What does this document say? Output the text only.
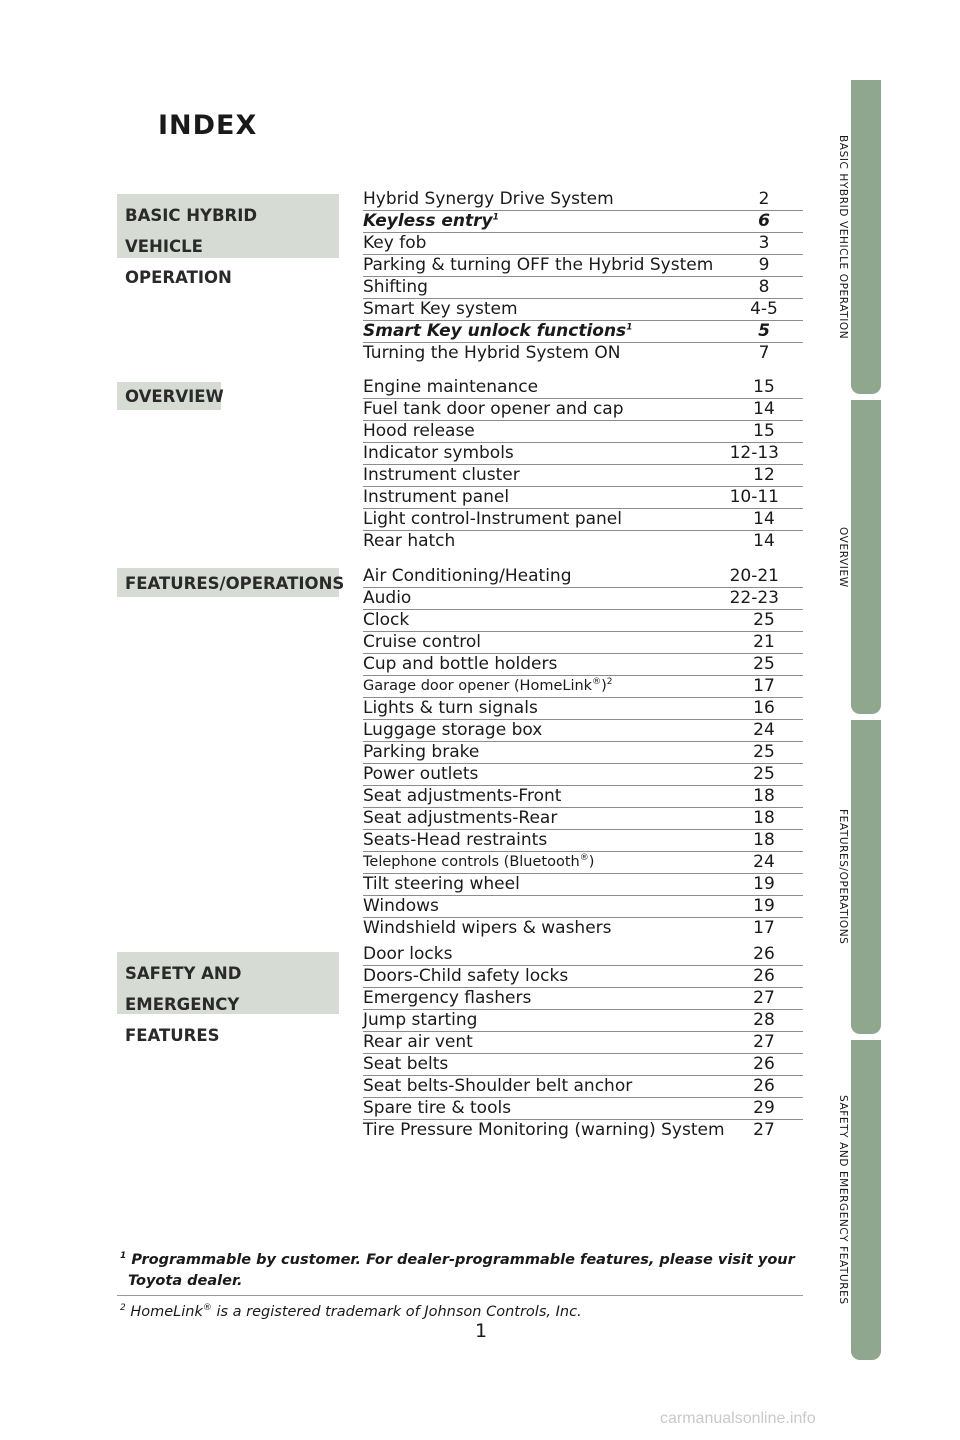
INDEX
BASIC HYBRID VEHICLE
OPERATION
OVERVIEW
FEATURES/OPERATIONS
SAFETY AND
EMERGENCY FEATURES
Hybrid Synergy Drive System	2
Keyless entry$^1$	6
Key fob	3
Parking & turning OFF the Hybrid System	9
Shifting	8
Smart Key system	4-5
Smart Key unlock functions$^1$	5
Turning the Hybrid System ON	7
Engine maintenance	15
Fuel tank door opener and cap	14
Hood release	15
Indicator symbols	12-13
Instrument cluster	12
Instrument panel	10-11
Light control-Instrument panel	14
Rear hatch	14
Air Conditioning/Heating	20-21
Audio	22-23
Clock	25
Cruise control	21
Cup and bottle holders	25
Garage door opener (HomeLink®)$^2$	17
Lights & turn signals	16
Luggage storage box	24
Parking brake	25
Power outlets	25
Seat adjustments-Front	18
Seat adjustments-Rear	18
Seats-Head restraints	18
Telephone controls (Bluetooth®)	24
Tilt steering wheel	19
Windows	19
Windshield wipers & washers	17
Door locks	26
Doors-Child safety locks	26
Emergency flashers	27
Jump starting	28
Rear air vent	27
Seat belts	26
Seat belts-Shoulder belt anchor	26
Spare tire & tools	29
Tire Pressure Monitoring (warning) System 27
BASIC HYBRID VEHICLE OPERATION
OVERVIEW
FEATURES/OPERATIONS
SAFETY AND EMERGENCY FEATURES
$^1$ Programmable by customer. For dealer-programmable features, please visit your
Toyota dealer.
$^2$ HomeLink® is a registered trademark of Johnson Controls, Inc.
1
carmanualsonline.info
